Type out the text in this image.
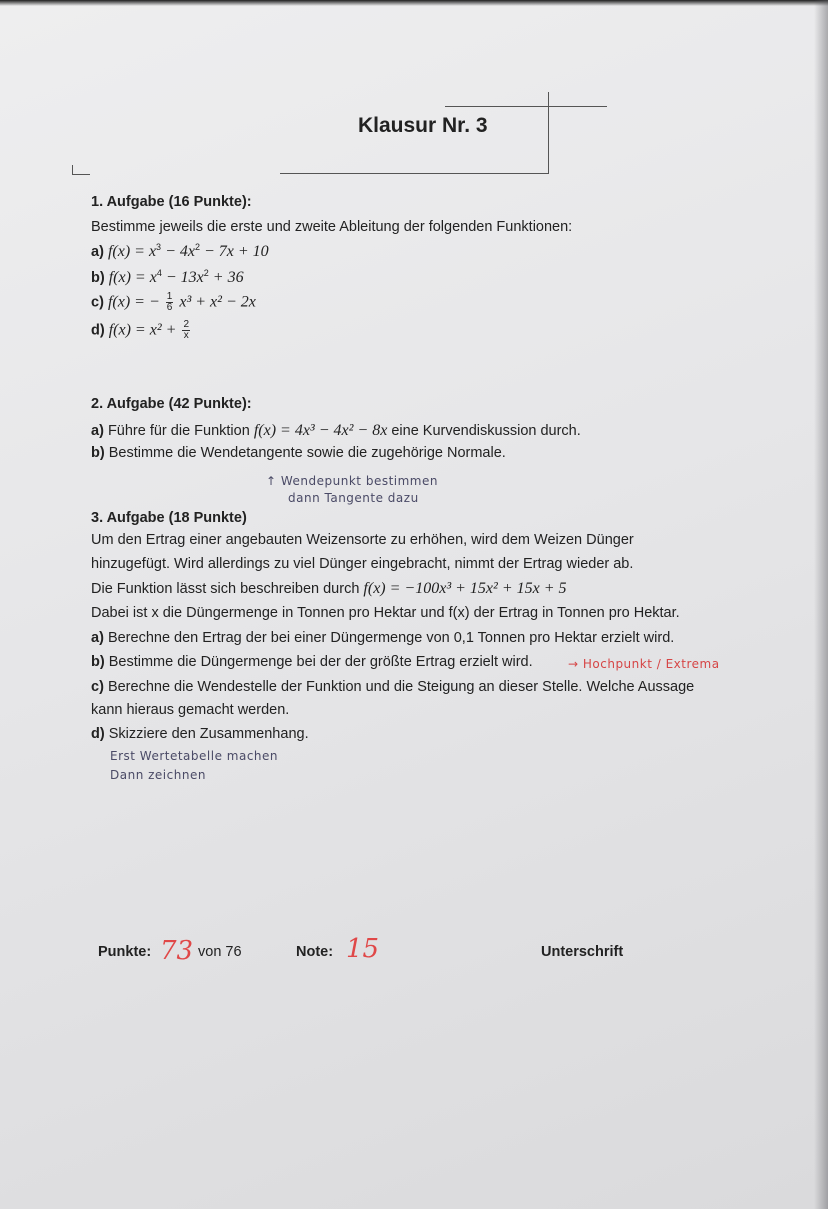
Klausur Nr. 3
1. Aufgabe (16 Punkte):
Bestimme jeweils die erste und zweite Ableitung der folgenden Funktionen:
a) $f(x) = x^3 - 4x^2 - 7x + 10$
b) $f(x) = x^4 - 13x^2 + 36$
c) f(x) = − $\frac{1}{6} x^3 + x^2 - 2x$
d) $f(x) = x^2 + \frac{2}{x}$
2. Aufgabe (42 Punkte):
a) Führe für die Funktion f(x) = 4x³ − 4x² − 8x eine Kurvendiskussion durch.
b) Bestimme die Wendetangente sowie die zugehörige Normale.
↑ Wendepunkt bestimmen
dann Tangente dazu
3. Aufgabe (18 Punkte)
Um den Ertrag einer angebauten Weizensorte zu erhöhen, wird dem Weizen Dünger
hinzugefügt. Wird allerdings zu viel Dünger eingebracht, nimmt der Ertrag wieder ab.
Die Funktion lässt sich beschreiben durch f(x) = −100x³ + 15x² + 15x + 5
Dabei ist x die Düngermenge in Tonnen pro Hektar und f(x) der Ertrag in Tonnen pro Hektar.
a) Berechne den Ertrag der bei einer Düngermenge von 0,1 Tonnen pro Hektar erzielt wird.
b) Bestimme die Düngermenge bei der der größte Ertrag erzielt wird.	→ Hochpunkt / Extrema
c) Berechne die Wendestelle der Funktion und die Steigung an dieser Stelle. Welche Aussage
kann hieraus gemacht werden.
d) Skizziere den Zusammenhang.
Erst Wertetabelle machen
Dann zeichnen
Punkte: 73 von 76	Note: 15	Unterschrift
